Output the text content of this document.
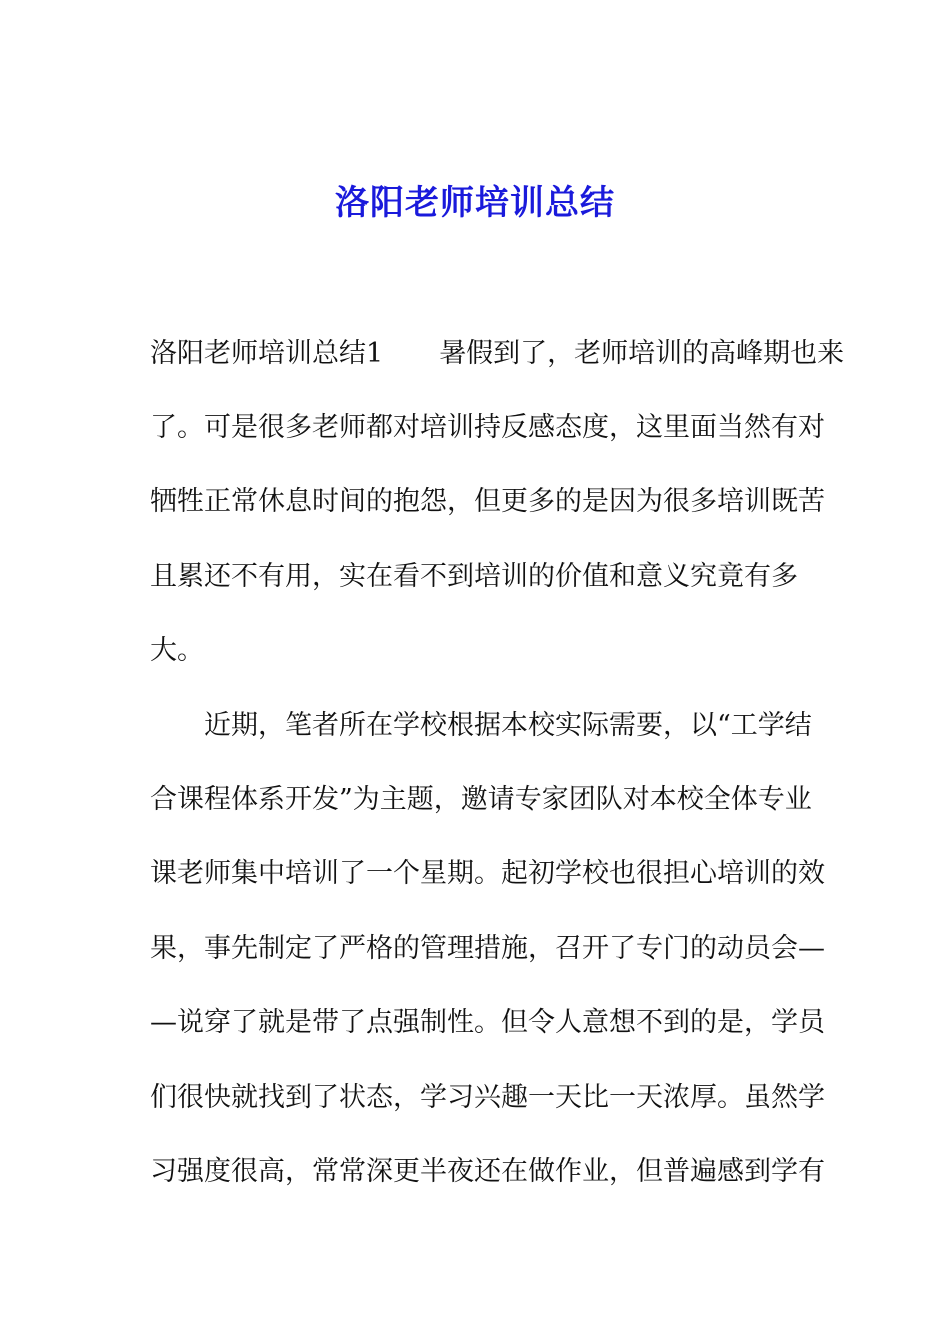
洛阳老师培训总结
洛阳老师培训总结1 暑假到了，老师培训的高峰期也来
了。可是很多老师都对培训持反感态度，这里面当然有对
牺牲正常休息时间的抱怨，但更多的是因为很多培训既苦
且累还不有用，实在看不到培训的价值和意义究竟有多
大。
近期，笔者所在学校根据本校实际需要，以“工学结
合课程体系开发”为主题，邀请专家团队对本校全体专业
课老师集中培训了一个星期。起初学校也很担心培训的效
果，事先制定了严格的管理措施，召开了专门的动员会—
—说穿了就是带了点强制性。但令人意想不到的是，学员
们很快就找到了状态，学习兴趣一天比一天浓厚。虽然学
习强度很高，常常深更半夜还在做作业，但普遍感到学有
